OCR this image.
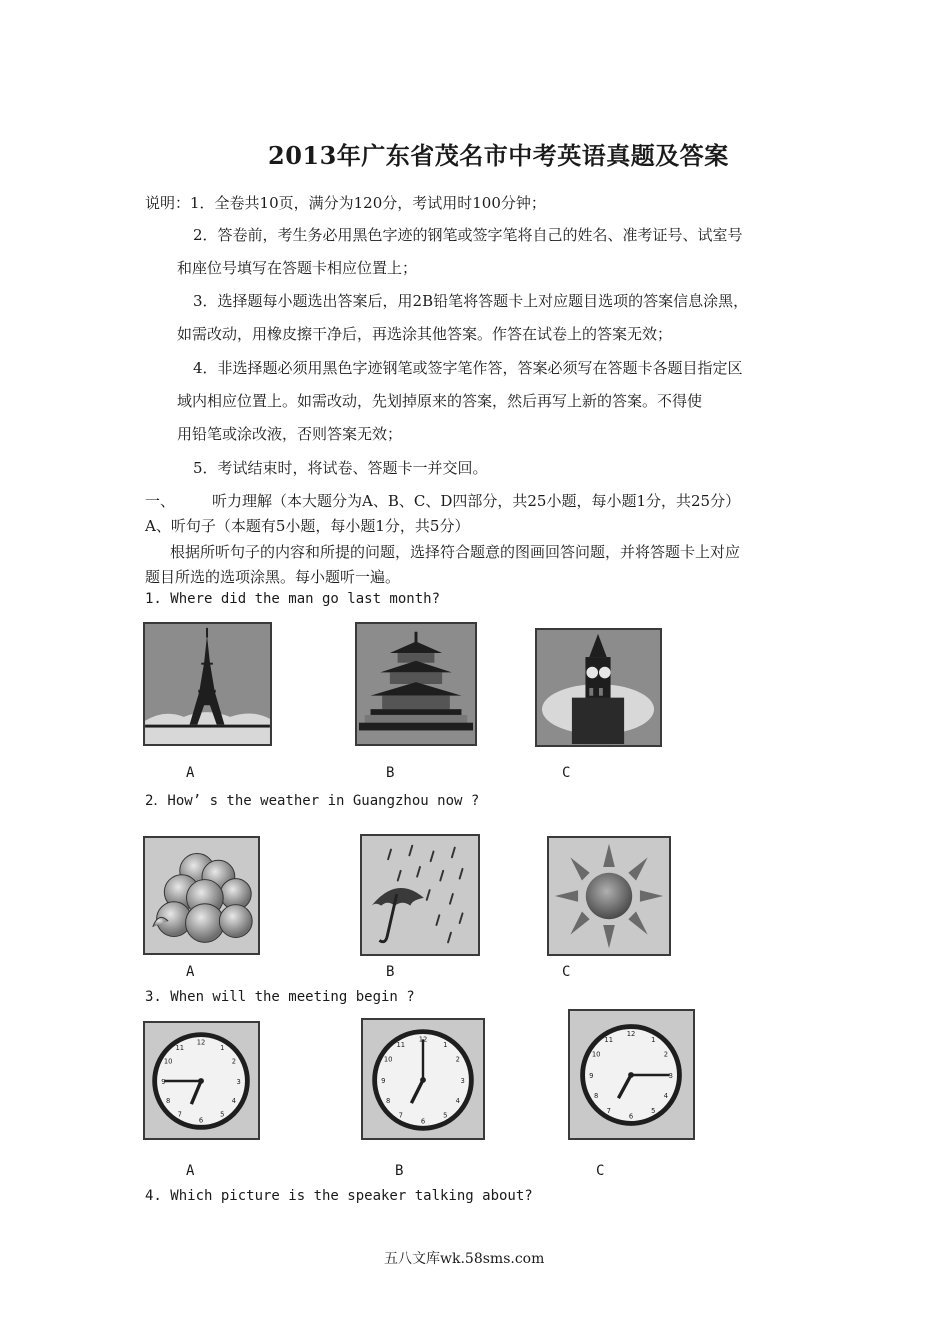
2013年广东省茂名市中考英语真题及答案
说明：1．全卷共10页，满分为120分，考试用时100分钟；
2．答卷前，考生务必用黑色字迹的钢笔或签字笔将自己的姓名、准考证号、试室号
和座位号填写在答题卡相应位置上；
3．选择题每小题选出答案后，用2B铅笔将答题卡上对应题目选项的答案信息涂黑，
如需改动，用橡皮擦干净后，再选涂其他答案。作答在试卷上的答案无效；
4．非选择题必须用黑色字迹钢笔或签字笔作答，答案必须写在答题卡各题目指定区
域内相应位置上。如需改动，先划掉原来的答案，然后再写上新的答案。不得使
用铅笔或涂改液，否则答案无效；
5．考试结束时，将试卷、答题卡一并交回。
一、 听力理解（本大题分为A、B、C、D四部分，共25小题，每小题1分，共25分）
A、听句子（本题有5小题，每小题1分，共5分）
根据所听句子的内容和所提的问题，选择符合题意的图画回答问题，并将答题卡上对应
题目所选的选项涂黑。每小题听一遍。
1. Where did the man go last month?
A	B	C
2．How’ s the weather in Guangzhou now ?
A	B	C
3. When will the meeting begin ?
12
1
2
3
4
5
6
7
8
9
10
11
12
1
2
3
4
5
6
7
8
9
10
11
12
1
2
3
4
5
6
7
8
9
10
11
A	B	C
4. Which picture is the speaker talking about?
五八文库wk.58sms.com
